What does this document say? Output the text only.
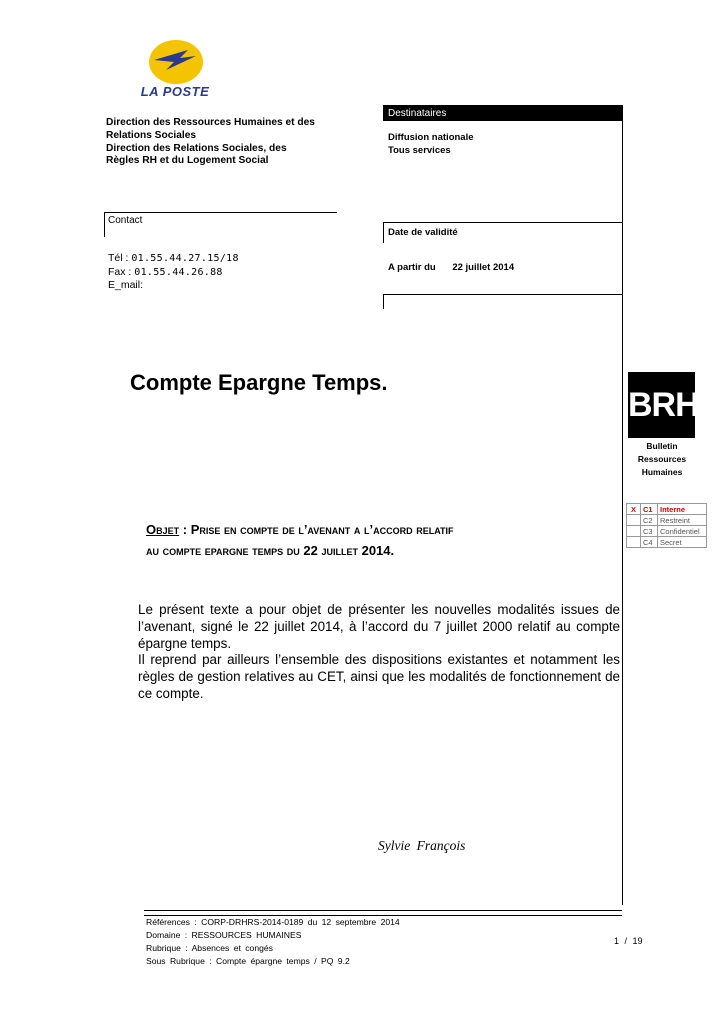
LA POSTE
Direction des Ressources Humaines et des
Relations Sociales
Direction des Relations Sociales, des
Règles RH et du Logement Social
Contact
Tél : 01.55.44.27.15/18
Fax : 01.55.44.26.88
E_mail:
Destinataires
Diffusion nationale
Tous services
Date de validité
A partir du 22 juillet 2014
Compte Epargne Temps.
BRH
Bulletin Ressources
Humaines
X	C1	Interne
	C2	Restreint
	C3	Confidentiel
	C4	Secret
Objet : Prise en compte de l’avenant a l’accord relatif
au compte epargne temps du 22 juillet 2014.

Le présent texte a pour objet de présenter les nouvelles modalités issues de l’avenant, signé le 22 juillet 2014, à l’accord du 7 juillet 2000 relatif au compte épargne temps.

Il reprend par ailleurs l’ensemble des dispositions existantes et notamment les règles de gestion relatives au CET, ainsi que les modalités de fonctionnement de ce compte.

Sylvie François
Références : CORP-DRHRS-2014-0189 du 12 septembre 2014
Domaine : RESSOURCES HUMAINES
Rubrique : Absences et congés
Sous Rubrique : Compte épargne temps / PQ 9.2
1 / 19
